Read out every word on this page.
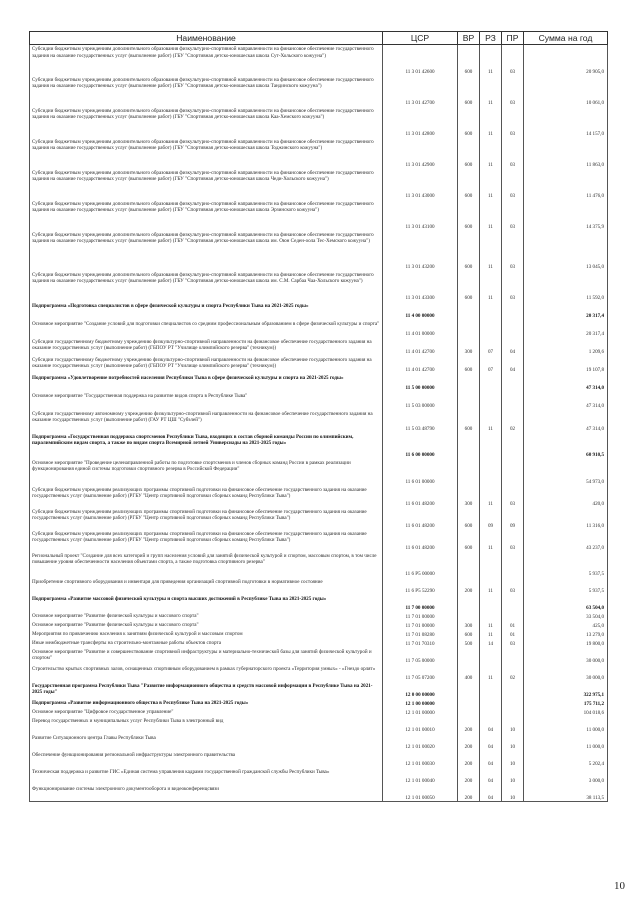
Наименование	ЦСР	ВР	РЗ	ПР	Сумма на год
Субсидии бюджетным учреждениям дополнительного образования физкультурно-спортивной направленности на финансовое обеспечение государственного задания на оказание государственных услуг (выполнение работ) (ГБУ "Спортивная детско-юношеская школа Сут-Хольского кожууна")	11 3 01 42600	600	11	03	20 905,0
Субсидии бюджетным учреждениям дополнительного образования физкультурно-спортивной направленности на финансовое обеспечение государственного задания на оказание государственных услуг (выполнение работ) (ГБУ "Спортивная детско-юношеская школа Тандинского кожууна")	11 3 01 42700	600	11	03	10 061,0
Субсидии бюджетным учреждениям дополнительного образования физкультурно-спортивной направленности на финансовое обеспечение государственного задания на оказание государственных услуг (выполнение работ) (ГБУ "Спортивная детско-юношеская школа Каа-Хемского кожууна")	11 3 01 42800	600	11	03	14 157,0
Субсидии бюджетным учреждениям дополнительного образования физкультурно-спортивной направленности на финансовое обеспечение государственного задания на оказание государственных услуг (выполнение работ) (ГБУ "Спортивная детско-юношеская школа Тоджинского кожууна")	11 3 01 42900	600	11	03	11 863,0
Субсидии бюджетным учреждениям дополнительного образования физкультурно-спортивной направленности на финансовое обеспечение государственного задания на оказание государственных услуг (выполнение работ) (ГБУ "Спортивная детско-юношеская школа Чеди-Хольского кожууна")	11 3 01 43000	600	11	03	11 476,0
Субсидии бюджетным учреждениям дополнительного образования физкультурно-спортивной направленности на финансовое обеспечение государственного задания на оказание государственных услуг (выполнение работ) (ГБУ "Спортивная детско-юношеская школа Эрзинского кожууна")	11 3 01 43100	600	11	03	14 375,9
Субсидии бюджетным учреждениям дополнительного образования физкультурно-спортивной направленности на финансовое обеспечение государственного задания на оказание государственных услуг (выполнение работ) (ГБУ "Спортивная детско-юношеская школа им. Оюн Седен-оола Тес-Хемского кожууна")	11 3 01 43200	600	11	03	13 045,0
Субсидии бюджетным учреждениям дополнительного образования физкультурно-спортивной направленности на финансовое обеспечение государственного задания на оказание государственных услуг (выполнение работ) (ГБУ "Спортивная детско-юношеская школа им. С.М. Сарбаа Чаа-Хольского кожууна")	11 3 01 43300	600	11	03	11 592,0
Подпрограмма «Подготовка специалистов в сфере физической культуры и спорта Республики Тыва на 2021-2025 годы»	11 4 00 00000				20 317,4
Основное мероприятие "Создание условий для подготовки специалистов со средним профессиональным образованием в сфере физической культуры и спорта"	11 4 01 00000				20 317,4
Субсидии государственному бюджетному учреждению физкультурно-спортивной направленности на финансовое обеспечение государственного задания на оказание государственных услуг (выполнение работ) (ГБПОУ РТ "Училище олимпийского резерва" (техникум))	11 4 01 42700	300	07	04	1 209,6
Субсидии государственному бюджетному учреждению физкультурно-спортивной направленности на финансовое обеспечение государственного задания на оказание государственных услуг (выполнение работ) (ГБПОУ РТ "Училище олимпийского резерва" (техникум))	11 4 01 42700	600	07	04	19 107,8
Подпрограмма «Удовлетворение потребностей населения Республики Тыва в сфере физической культуры и спорта на 2021-2025 годы»	11 5 00 00000				47 314,0
Основное мероприятие "Государственная поддержка на развитие видов спорта в Республике Тыва"	11 5 03 00000				47 314,0
Субсидии государственному автономному учреждению физкультурно-спортивной направленности на финансовое обеспечение государственного задания на оказание государственных услуг (выполнение работ) (ГАУ РТ ЦШ "Субэлей")	11 5 03 48790	600	11	02	47 314,0
Подпрограмма «Государственная поддержка спортсменов Республики Тыва, входящих в состав сборной команды России по олимпийским, паралимпийским видам спорта, а также по видам спорта Всемирной летней Универсиады на 2021-2025 годы»	11 6 00 00000				60 910,5
Основное мероприятие "Проведение целенаправленной работы по подготовке спортсменов и членов сборных команд России в рамках реализации функционирования единой системы подготовки спортивного резерва в Российской Федерации"	11 6 01 00000				54 973,0
Субсидии бюджетным учреждениям реализующих программы спортивной подготовки на финансовое обеспечение государственного задания на оказание государственных услуг (выполнение работ) (РГБУ "Центр спортивной подготовки сборных команд Республики Тыва")	11 6 01 48200	300	11	03	420,0
Субсидии бюджетным учреждениям реализующих программы спортивной подготовки на финансовое обеспечение государственного задания на оказание государственных услуг (выполнение работ) (РГБУ "Центр спортивной подготовки сборных команд Республики Тыва")	11 6 01 48200	600	09	09	11 316,0
Субсидии бюджетным учреждениям реализующих программы спортивной подготовки на финансовое обеспечение государственного задания на оказание государственных услуг (выполнение работ) (РГБУ "Центр спортивной подготовки сборных команд Республики Тыва")	11 6 01 48200	600	11	03	43 237,0
Региональный проект "Создание для всех категорий и групп населения условий для занятий физической культурой и спортом, массовым спортом, в том числе повышение уровня обеспеченности населения объектами спорта, а также подготовка спортивного резерва"	11 6 P5 00000				5 937,5
Приобретение спортивного оборудования и инвентаря для приведения организаций спортивной подготовки в нормативное состояние	11 6 P5 52290	200	11	03	5 937,5
Подпрограмма «Развитие массовой физической культуры и спорта высших достижений в Республике Тыва на 2021-2025 годы»	11 7 00 00000				63 504,0
Основное мероприятие "Развитие физической культуры и массового спорта"	11 7 01 00000				33 504,0
Основное мероприятие "Развитие физической культуры и массового спорта"	11 7 01 00000	300	11	01	425,0
Мероприятия по привлечению населения к занятиям физической культурой и массовым спортом	11 7 01 08280	600	11	01	13 279,0
Иные межбюджетные трансферты на строительно-монтажные работы объектов спорта	11 7 01 70310	500	14	03	19 800,0
Основное мероприятие "Развитие и совершенствование спортивной инфраструктуры и материально-технической базы для занятий физической культурой и спортом"	11 7 05 00000				30 000,0
Строительство крытых спортивных залов, оснащенных спортивным оборудованием в рамках губернаторского проекта «Территория умных» - «Гнездо орлят»	11 7 05 07200	400	11	02	30 000,0
Государственная программа Республики Тыва "Развитие информационного общества и средств массовой информации в Республике Тыва на 2021-2025 годы"	12 0 00 00000				322 975,1
Подпрограмма «Развитие информационного общества в Республике Тыва на 2021-2025 годы»	12 1 00 00000				175 711,2
Основное мероприятие "Цифровое государственное управление"	12 1 01 00000				104 018,6
Перевод государственных и муниципальных услуг Республики Тыва в электронный вид	12 1 01 00010	200	04	10	11 000,0
Развитие Ситуационного центра Главы Республики Тыва	12 1 01 00020	200	04	10	11 000,0
Обеспечение функционирования региональной инфраструктуры электронного правительства	12 1 01 00030	200	04	10	5 202,4
Техническая поддержка и развитие ГИС «Единая система управления кадрами государственной гражданской службы Республики Тыва»	12 1 01 00040	200	04	10	3 000,0
Функционирование системы электронного документооборота и видеоконференцсвязи	12 1 01 00050	200	04	10	38 113,5
10
